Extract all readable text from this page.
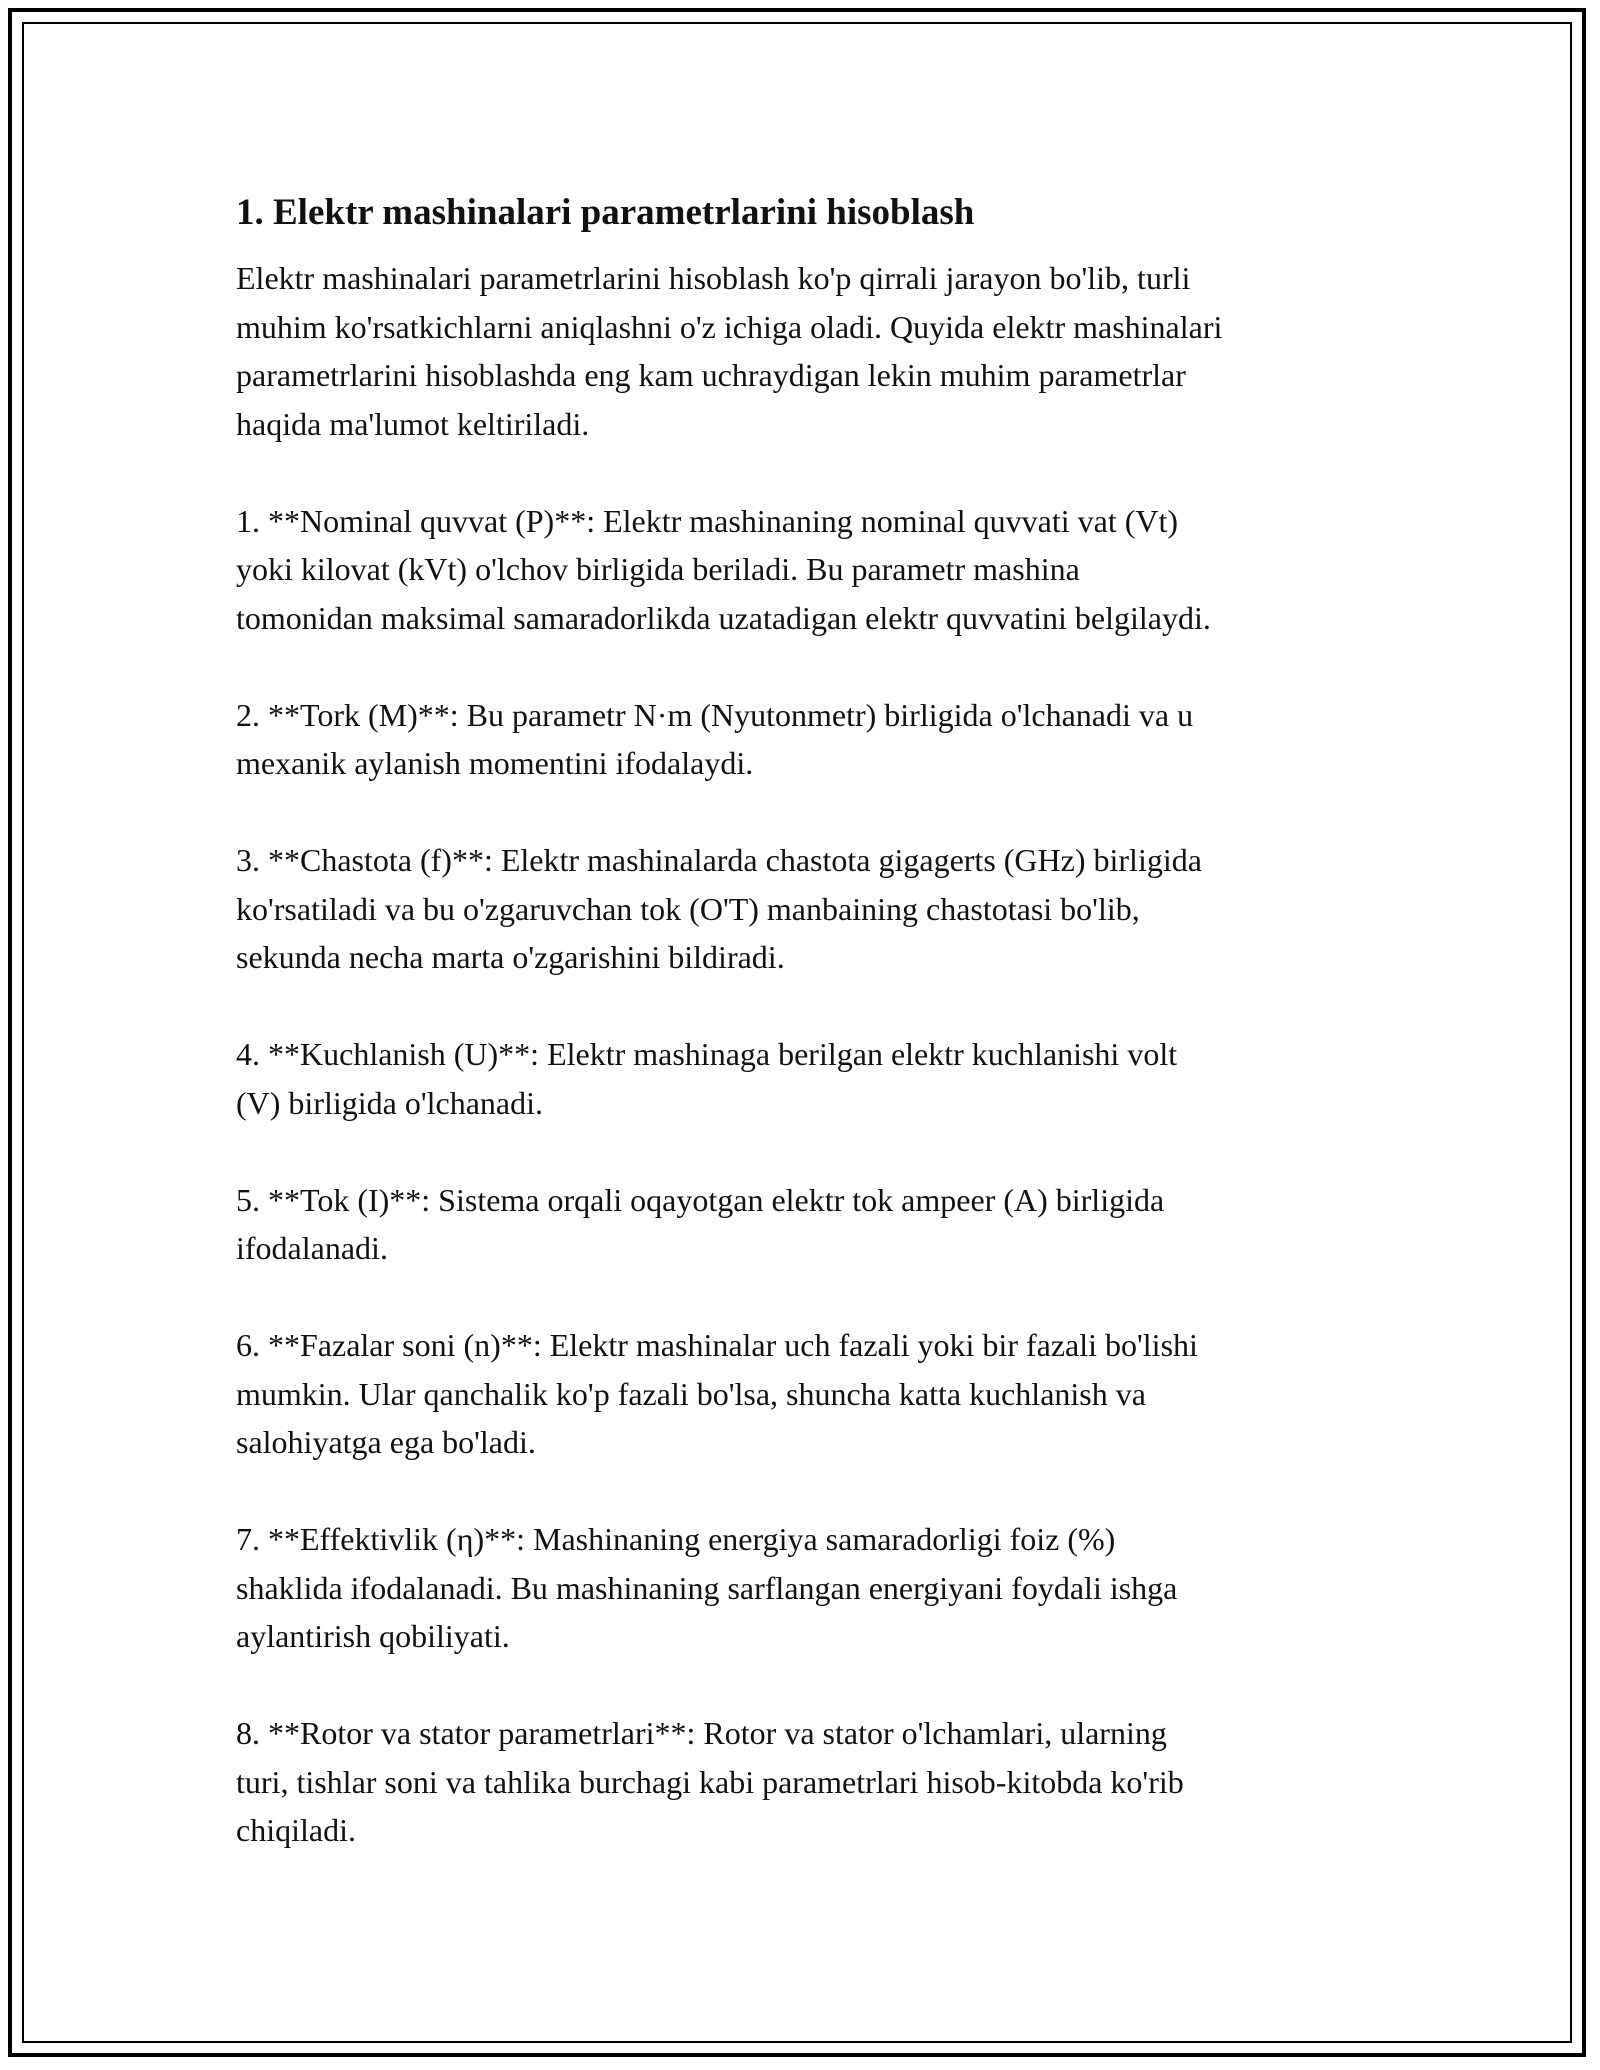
1. Elektr mashinalari parametrlarini hisoblash

Elektr mashinalari parametrlarini hisoblash ko'p qirrali jarayon bo'lib, turli
muhim ko'rsatkichlarni aniqlashni o'z ichiga oladi. Quyida elektr mashinalari
parametrlarini hisoblashda eng kam uchraydigan lekin muhim parametrlar
haqida ma'lumot keltiriladi.

1. **Nominal quvvat (P)**: Elektr mashinaning nominal quvvati vat (Vt)
yoki kilovat (kVt) o'lchov birligida beriladi. Bu parametr mashina
tomonidan maksimal samaradorlikda uzatadigan elektr quvvatini belgilaydi.

2. **Tork (M)**: Bu parametr N·m (Nyutonmetr) birligida o'lchanadi va u
mexanik aylanish momentini ifodalaydi.

3. **Chastota (f)**: Elektr mashinalarda chastota gigagerts (GHz) birligida
ko'rsatiladi va bu o'zgaruvchan tok (O'T) manbaining chastotasi bo'lib,
sekunda necha marta o'zgarishini bildiradi.

4. **Kuchlanish (U)**: Elektr mashinaga berilgan elektr kuchlanishi volt
(V) birligida o'lchanadi.

5. **Tok (I)**: Sistema orqali oqayotgan elektr tok ampeer (A) birligida
ifodalanadi.

6. **Fazalar soni (n)**: Elektr mashinalar uch fazali yoki bir fazali bo'lishi
mumkin. Ular qanchalik ko'p fazali bo'lsa, shuncha katta kuchlanish va
salohiyatga ega bo'ladi.

7. **Effektivlik (η)**: Mashinaning energiya samaradorligi foiz (%)
shaklida ifodalanadi. Bu mashinaning sarflangan energiyani foydali ishga
aylantirish qobiliyati.

8. **Rotor va stator parametrlari**: Rotor va stator o'lchamlari, ularning
turi, tishlar soni va tahlika burchagi kabi parametrlari hisob-kitobda ko'rib
chiqiladi.
